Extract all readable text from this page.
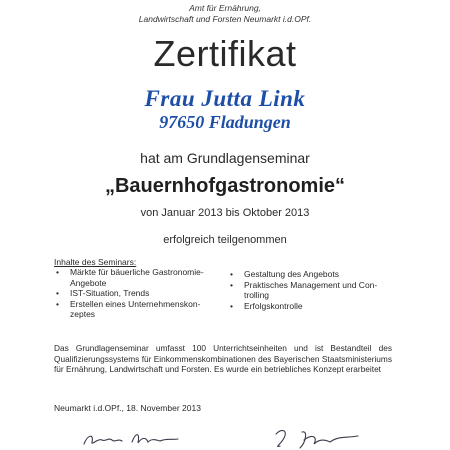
Amt für Ernährung,
Landwirtschaft und Forsten Neumarkt i.d.OPf.
Zertifikat
Frau Jutta Link
97650 Fladungen
hat am Grundlagenseminar
„Bauernhofgastronomie“
von Januar 2013 bis Oktober 2013
erfolgreich teilgenommen
Inhalte des Seminars:
• Märkte für bäuerliche Gastronomie-Angebote
• IST-Situation, Trends
• Erstellen eines Unternehmenskon-zeptes
• Gestaltung des Angebots
• Praktisches Management und Con-trolling
• Erfolgskontrolle
Das Grundlagenseminar umfasst 100 Unterrichtseinheiten und ist Bestandteil des Qualifizierungssystems für Einkommenskombinationen des Bayerischen Staatsministeriums für Ernährung, Landwirtschaft und Forsten. Es wurde ein betriebliches Konzept erarbeitet
Neumarkt i.d.OPf., 18. November 2013
